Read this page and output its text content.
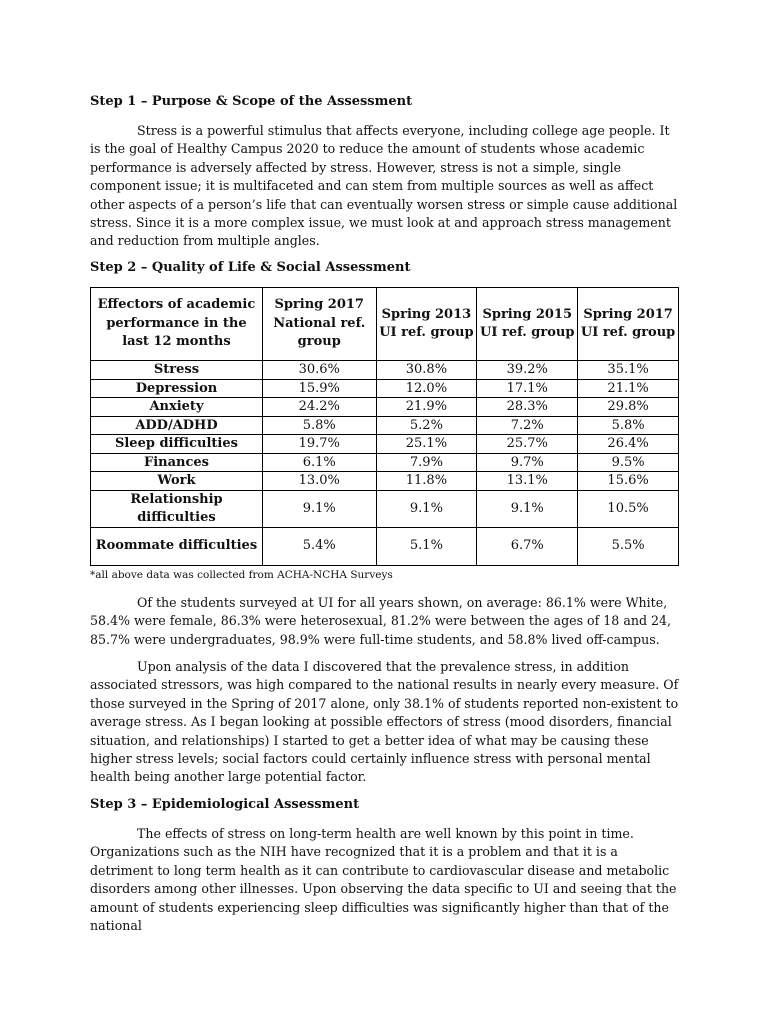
Step 1 – Purpose & Scope of the Assessment
Stress is a powerful stimulus that affects everyone, including college age people. It is the goal of Healthy Campus 2020 to reduce the amount of students whose academic performance is adversely affected by stress. However, stress is not a simple, single component issue; it is multifaceted and can stem from multiple sources as well as affect other aspects of a person’s life that can eventually worsen stress or simple cause additional stress. Since it is a more complex issue, we must look at and approach stress management and reduction from multiple angles.
Step 2 – Quality of Life & Social Assessment
Effectors of academic performance in the last 12 months	Spring 2017 National ref. group	Spring 2013 UI ref. group	Spring 2015 UI ref. group	Spring 2017 UI ref. group
Stress	30.6%	30.8%	39.2%	35.1%
Depression	15.9%	12.0%	17.1%	21.1%
Anxiety	24.2%	21.9%	28.3%	29.8%
ADD/ADHD	5.8%	5.2%	7.2%	5.8%
Sleep difficulties	19.7%	25.1%	25.7%	26.4%
Finances	6.1%	7.9%	9.7%	9.5%
Work	13.0%	11.8%	13.1%	15.6%
Relationship difficulties	9.1%	9.1%	9.1%	10.5%
Roommate difficulties	5.4%	5.1%	6.7%	5.5%
*all above data was collected from ACHA-NCHA Surveys
Of the students surveyed at UI for all years shown, on average: 86.1% were White, 58.4% were female, 86.3% were heterosexual, 81.2% were between the ages of 18 and 24, 85.7% were undergraduates, 98.9% were full-time students, and 58.8% lived off-campus.
Upon analysis of the data I discovered that the prevalence stress, in addition associated stressors, was high compared to the national results in nearly every measure. Of those surveyed in the Spring of 2017 alone, only 38.1% of students reported non-existent to average stress. As I began looking at possible effectors of stress (mood disorders, financial situation, and relationships) I started to get a better idea of what may be causing these higher stress levels; social factors could certainly influence stress with personal mental health being another large potential factor.
Step 3 – Epidemiological Assessment
The effects of stress on long-term health are well known by this point in time. Organizations such as the NIH have recognized that it is a problem and that it is a detriment to long term health as it can contribute to cardiovascular disease and metabolic disorders among other illnesses. Upon observing the data specific to UI and seeing that the amount of students experiencing sleep difficulties was significantly higher than that of the national
